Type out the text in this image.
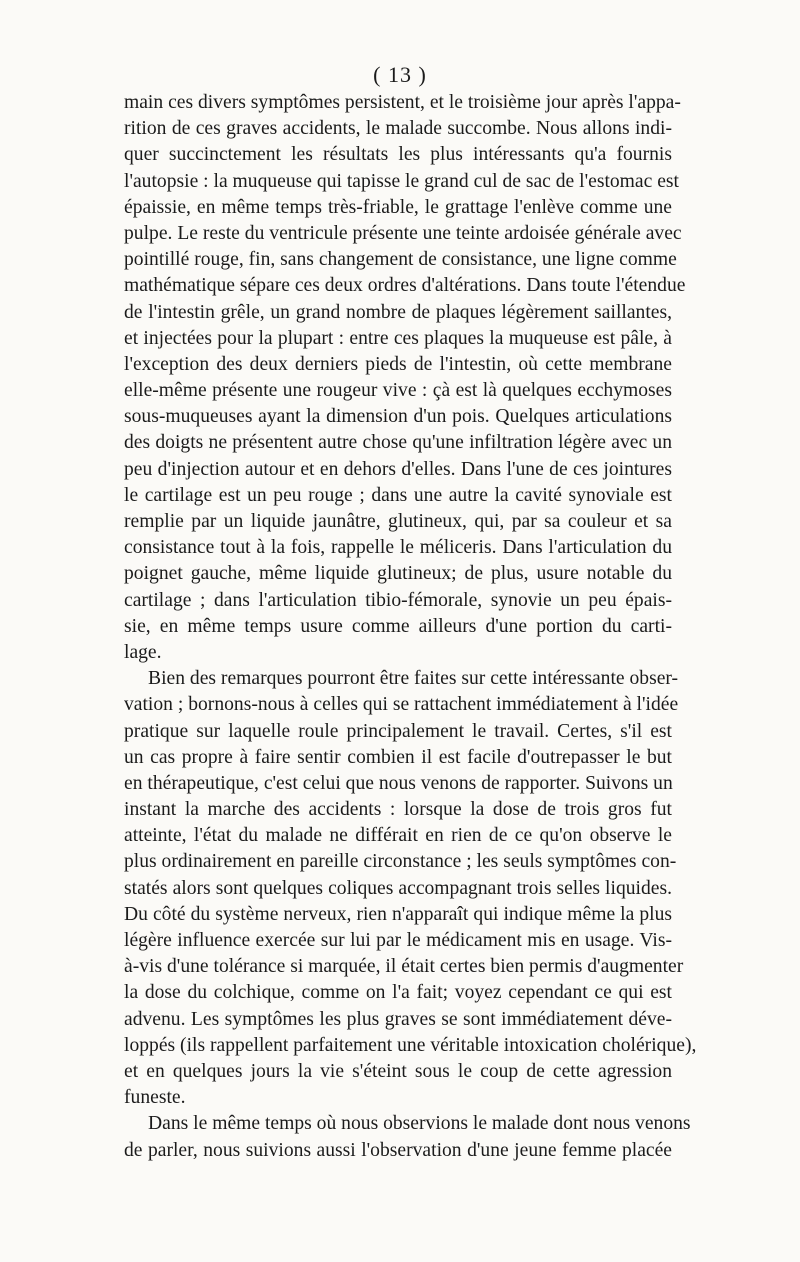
( 13 )
main ces divers symptômes persistent, et le troisième jour après l'appa-
rition de ces graves accidents, le malade succombe. Nous allons indi-
quer succinctement les résultats les plus intéressants qu'a fournis
l'autopsie : la muqueuse qui tapisse le grand cul de sac de l'estomac est
épaissie, en même temps très-friable, le grattage l'enlève comme une
pulpe. Le reste du ventricule présente une teinte ardoisée générale avec
pointillé rouge, fin, sans changement de consistance, une ligne comme
mathématique sépare ces deux ordres d'altérations. Dans toute l'étendue
de l'intestin grêle, un grand nombre de plaques légèrement saillantes,
et injectées pour la plupart : entre ces plaques la muqueuse est pâle, à
l'exception des deux derniers pieds de l'intestin, où cette membrane
elle-même présente une rougeur vive : çà est là quelques ecchymoses
sous-muqueuses ayant la dimension d'un pois. Quelques articulations
des doigts ne présentent autre chose qu'une infiltration légère avec un
peu d'injection autour et en dehors d'elles. Dans l'une de ces jointures
le cartilage est un peu rouge ; dans une autre la cavité synoviale est
remplie par un liquide jaunâtre, glutineux, qui, par sa couleur et sa
consistance tout à la fois, rappelle le méliceris. Dans l'articulation du
poignet gauche, même liquide glutineux; de plus, usure notable du
cartilage ; dans l'articulation tibio-fémorale, synovie un peu épais-
sie, en même temps usure comme ailleurs d'une portion du carti-
lage.
Bien des remarques pourront être faites sur cette intéressante obser-
vation ; bornons-nous à celles qui se rattachent immédiatement à l'idée
pratique sur laquelle roule principalement le travail. Certes, s'il est
un cas propre à faire sentir combien il est facile d'outrepasser le but
en thérapeutique, c'est celui que nous venons de rapporter. Suivons un
instant la marche des accidents : lorsque la dose de trois gros fut
atteinte, l'état du malade ne différait en rien de ce qu'on observe le
plus ordinairement en pareille circonstance ; les seuls symptômes con-
statés alors sont quelques coliques accompagnant trois selles liquides.
Du côté du système nerveux, rien n'apparaît qui indique même la plus
légère influence exercée sur lui par le médicament mis en usage. Vis-
à-vis d'une tolérance si marquée, il était certes bien permis d'augmenter
la dose du colchique, comme on l'a fait; voyez cependant ce qui est
advenu. Les symptômes les plus graves se sont immédiatement déve-
loppés (ils rappellent parfaitement une véritable intoxication cholérique),
et en quelques jours la vie s'éteint sous le coup de cette agression
funeste.
Dans le même temps où nous observions le malade dont nous venons
de parler, nous suivions aussi l'observation d'une jeune femme placée
